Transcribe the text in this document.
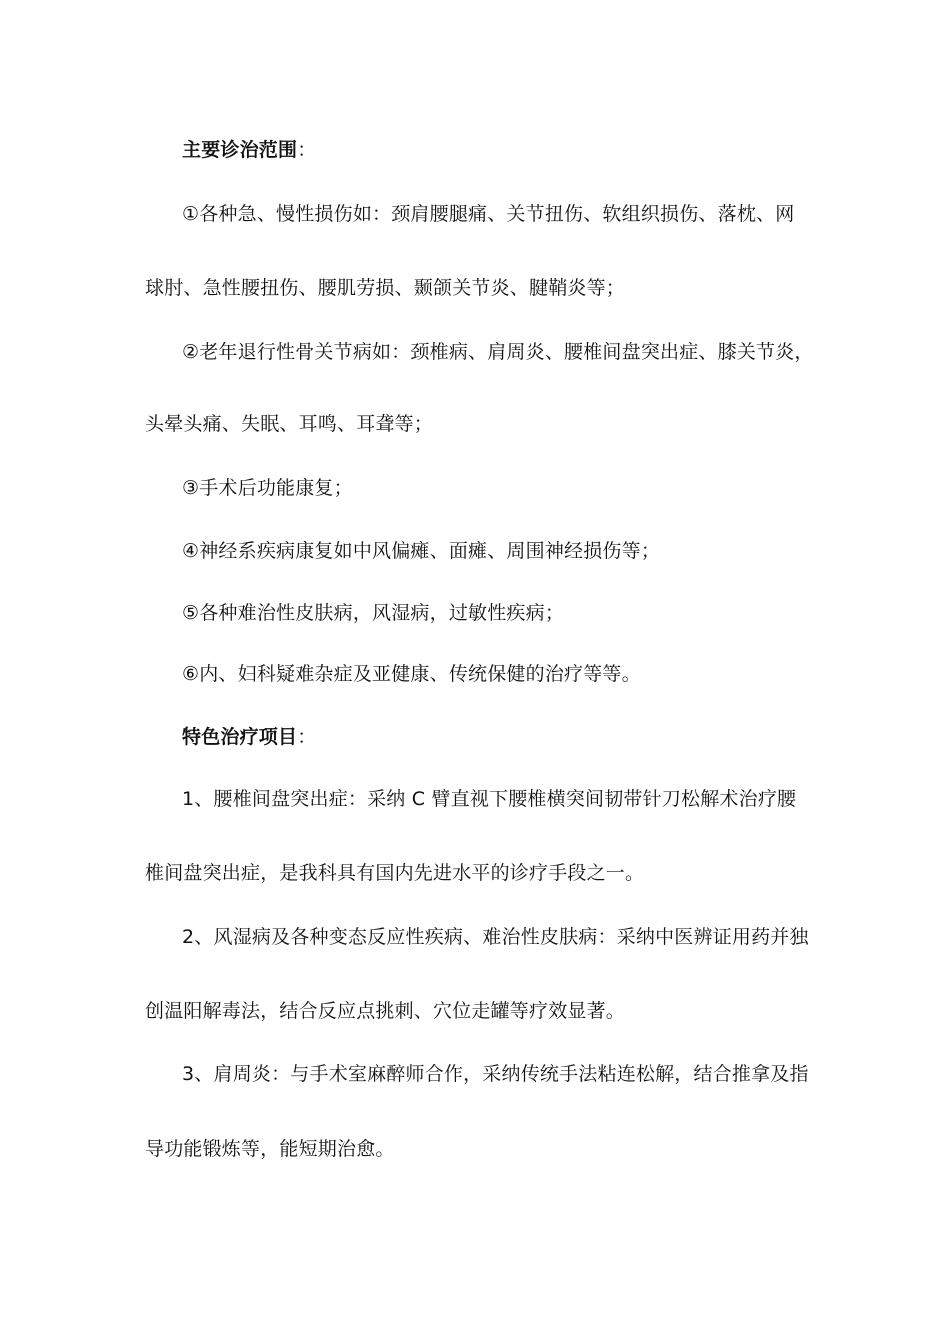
主要诊治范围：
①各种急、慢性损伤如：颈肩腰腿痛、关节扭伤、软组织损伤、落枕、网
球肘、急性腰扭伤、腰肌劳损、颞颌关节炎、腱鞘炎等；
②老年退行性骨关节病如：颈椎病、肩周炎、腰椎间盘突出症、膝关节炎，
头晕头痛、失眠、耳鸣、耳聋等；
③手术后功能康复；
④神经系疾病康复如中风偏瘫、面瘫、周围神经损伤等；
⑤各种难治性皮肤病，风湿病，过敏性疾病；
⑥内、妇科疑难杂症及亚健康、传统保健的治疗等等。
特色治疗项目：
1、腰椎间盘突出症：采纳 C 臂直视下腰椎横突间韧带针刀松解术治疗腰
椎间盘突出症，是我科具有国内先进水平的诊疗手段之一。
2、风湿病及各种变态反应性疾病、难治性皮肤病：采纳中医辨证用药并独
创温阳解毒法，结合反应点挑刺、穴位走罐等疗效显著。
3、肩周炎：与手术室麻醉师合作，采纳传统手法粘连松解，结合推拿及指
导功能锻炼等，能短期治愈。
